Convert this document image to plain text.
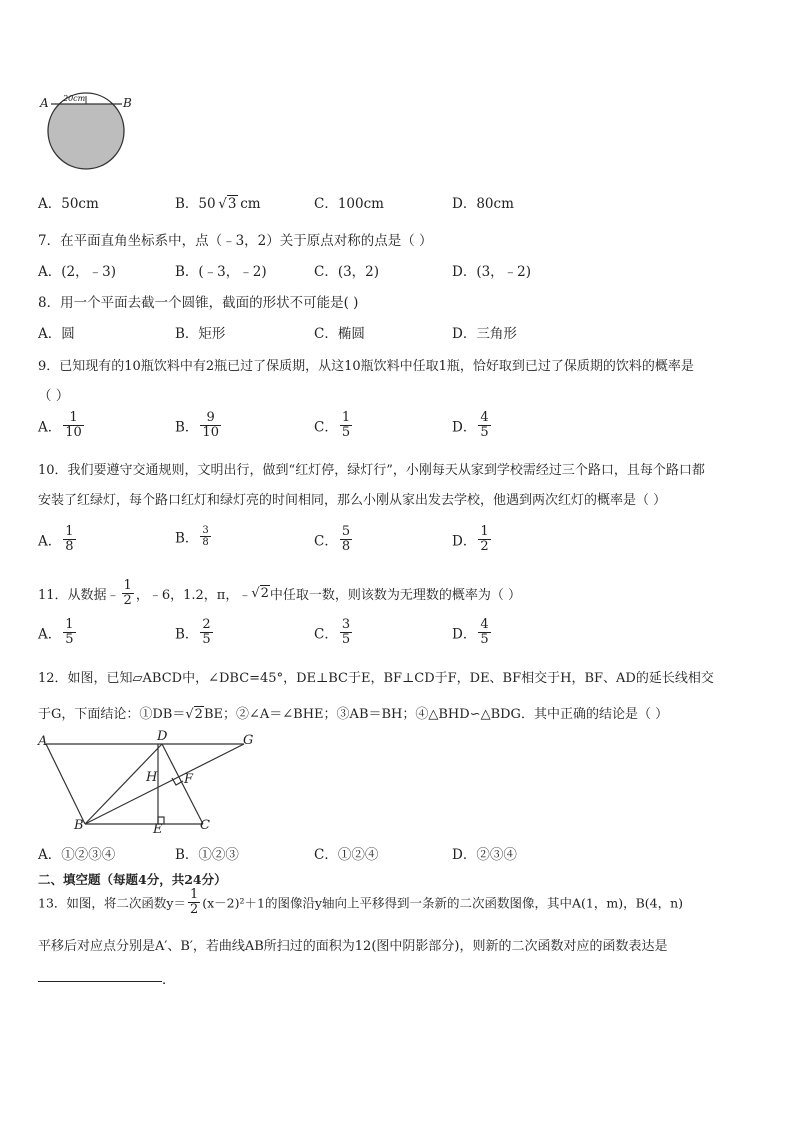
A	B
20cm
A．50cm	B．50 √3  cm	C．100cm	D．80cm
7．在平面直角坐标系中，点（﹣3，2）关于原点对称的点是（ ）
A．(2，﹣3)	B．(﹣3，﹣2)	C．(3，2)	D．(3，﹣2)
8．用一个平面去截一个圆锥，截面的形状不可能是( )
A．圆	B．矩形	C．椭圆	D．三角形
9．已知现有的10瓶饮料中有2瓶已过了保质期，从这10瓶饮料中任取1瓶，恰好取到已过了保质期的饮料的概率是
（ ）
A． $\frac{1}{10}$	B． $\frac{9}{10}$	C． $\frac{1}{5}$	D． $\frac{4}{5}$
10．我们要遵守交通规则，文明出行，做到“红灯停，绿灯行”，小刚每天从家到学校需经过三个路口，且每个路口都
安装了红绿灯，每个路口红灯和绿灯亮的时间相同，那么小刚从家出发去学校，他遇到两次红灯的概率是（ ）
A． $\frac{1}{8}$	B． $\frac{3}{8}$	C． $\frac{5}{8}$	D． $\frac{1}{2}$
11．从数据﹣ $\frac{1}{2}$ ，﹣6，1.2，π，﹣√2中任取一数，则该数为无理数的概率为（ ）
A． $\frac{1}{5}$	B． $\frac{2}{5}$	C． $\frac{3}{5}$	D． $\frac{4}{5}$
12．如图，已知▱ABCD中，∠DBC=45°，DE⊥BC于E，BF⊥CD于F，DE、BF相交于H，BF、AD的延长线相交
于G，下面结论：①DB＝√2BE；②∠A＝∠BHE；③AB＝BH；④△BHD∽△BDG．其中正确的结论是（ ）
A	D	G
H F
B	E	C
A．①②③④	B．①②③	C．①②④	D．②③④
二、填空题（每题4分，共24分）
13．如图，将二次函数$y= \frac{1}{2} (x-2)^2+1$的图像沿y轴向上平移得到一条新的二次函数图像，其中A(1，m)，B(4，n)
平移后对应点分别是A′、B′，若曲线AB所扫过的面积为12(图中阴影部分)，则新的二次函数对应的函数表达是
．
